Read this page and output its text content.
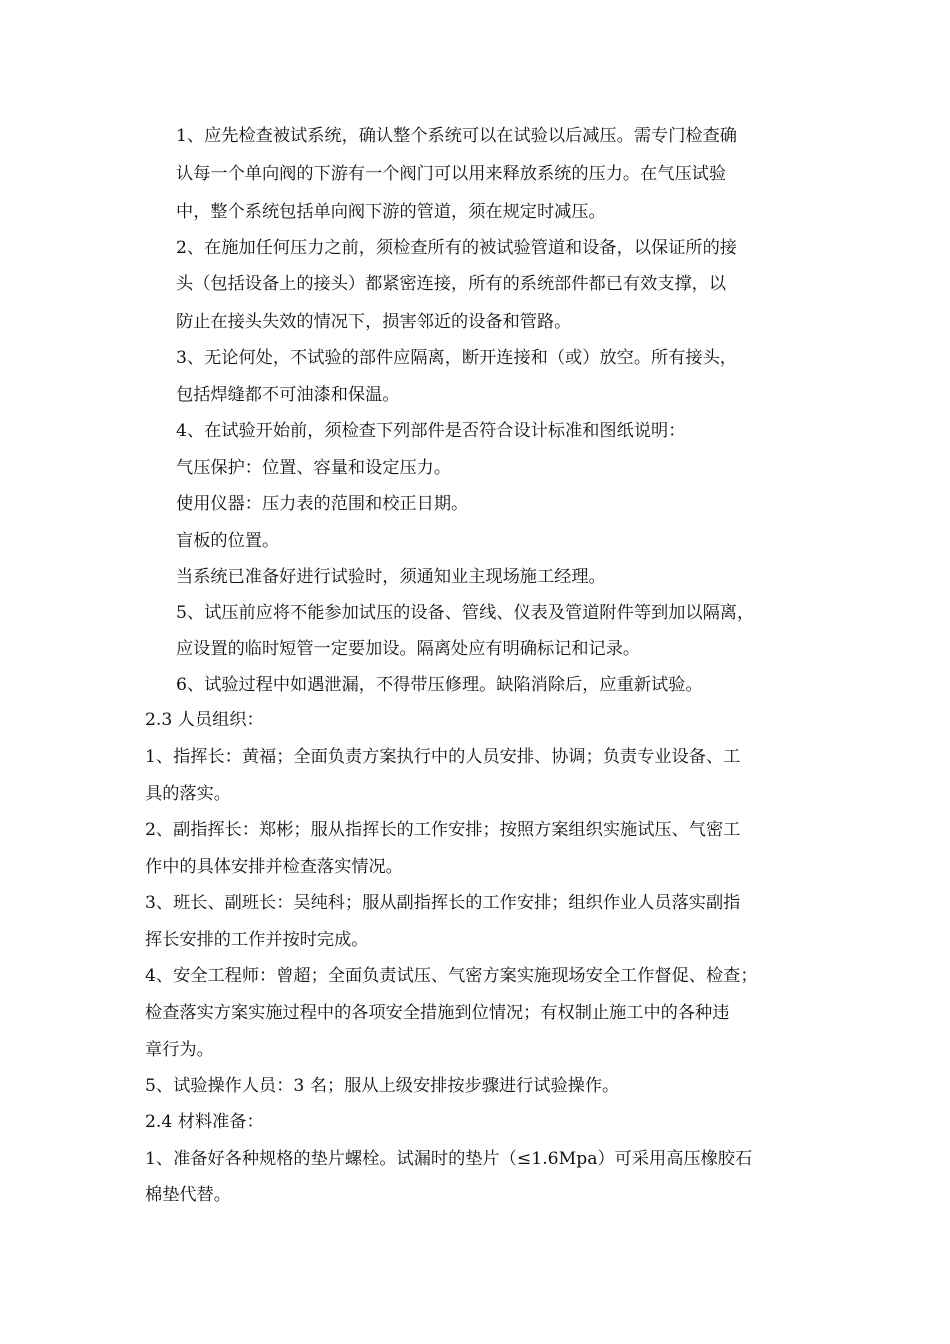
1、应先检查被试系统，确认整个系统可以在试验以后减压。需专门检查确
认每一个单向阀的下游有一个阀门可以用来释放系统的压力。在气压试验
中，整个系统包括单向阀下游的管道，须在规定时减压。
2、在施加任何压力之前，须检查所有的被试验管道和设备，以保证所的接
头（包括设备上的接头）都紧密连接，所有的系统部件都已有效支撑，以
防止在接头失效的情况下，损害邻近的设备和管路。
3、无论何处，不试验的部件应隔离，断开连接和（或）放空。所有接头，
包括焊缝都不可油漆和保温。
4、在试验开始前，须检查下列部件是否符合设计标准和图纸说明：
气压保护：位置、容量和设定压力。
使用仪器：压力表的范围和校正日期。
盲板的位置。
当系统已准备好进行试验时，须通知业主现场施工经理。
5、试压前应将不能参加试压的设备、管线、仪表及管道附件等到加以隔离，
应设置的临时短管一定要加设。隔离处应有明确标记和记录。
6、试验过程中如遇泄漏，不得带压修理。缺陷消除后，应重新试验。
2.3 人员组织：
1、指挥长：黄福；全面负责方案执行中的人员安排、协调；负责专业设备、工
具的落实。
2、副指挥长：郑彬；服从指挥长的工作安排；按照方案组织实施试压、气密工
作中的具体安排并检查落实情况。
3、班长、副班长：吴纯科；服从副指挥长的工作安排；组织作业人员落实副指
挥长安排的工作并按时完成。
4、安全工程师：曾超；全面负责试压、气密方案实施现场安全工作督促、检查；
检查落实方案实施过程中的各项安全措施到位情况；有权制止施工中的各种违
章行为。
5、试验操作人员：3 名；服从上级安排按步骤进行试验操作。
2.4 材料准备：
1、准备好各种规格的垫片螺栓。试漏时的垫片（≤1.6Mpa）可采用高压橡胶石
棉垫代替。
